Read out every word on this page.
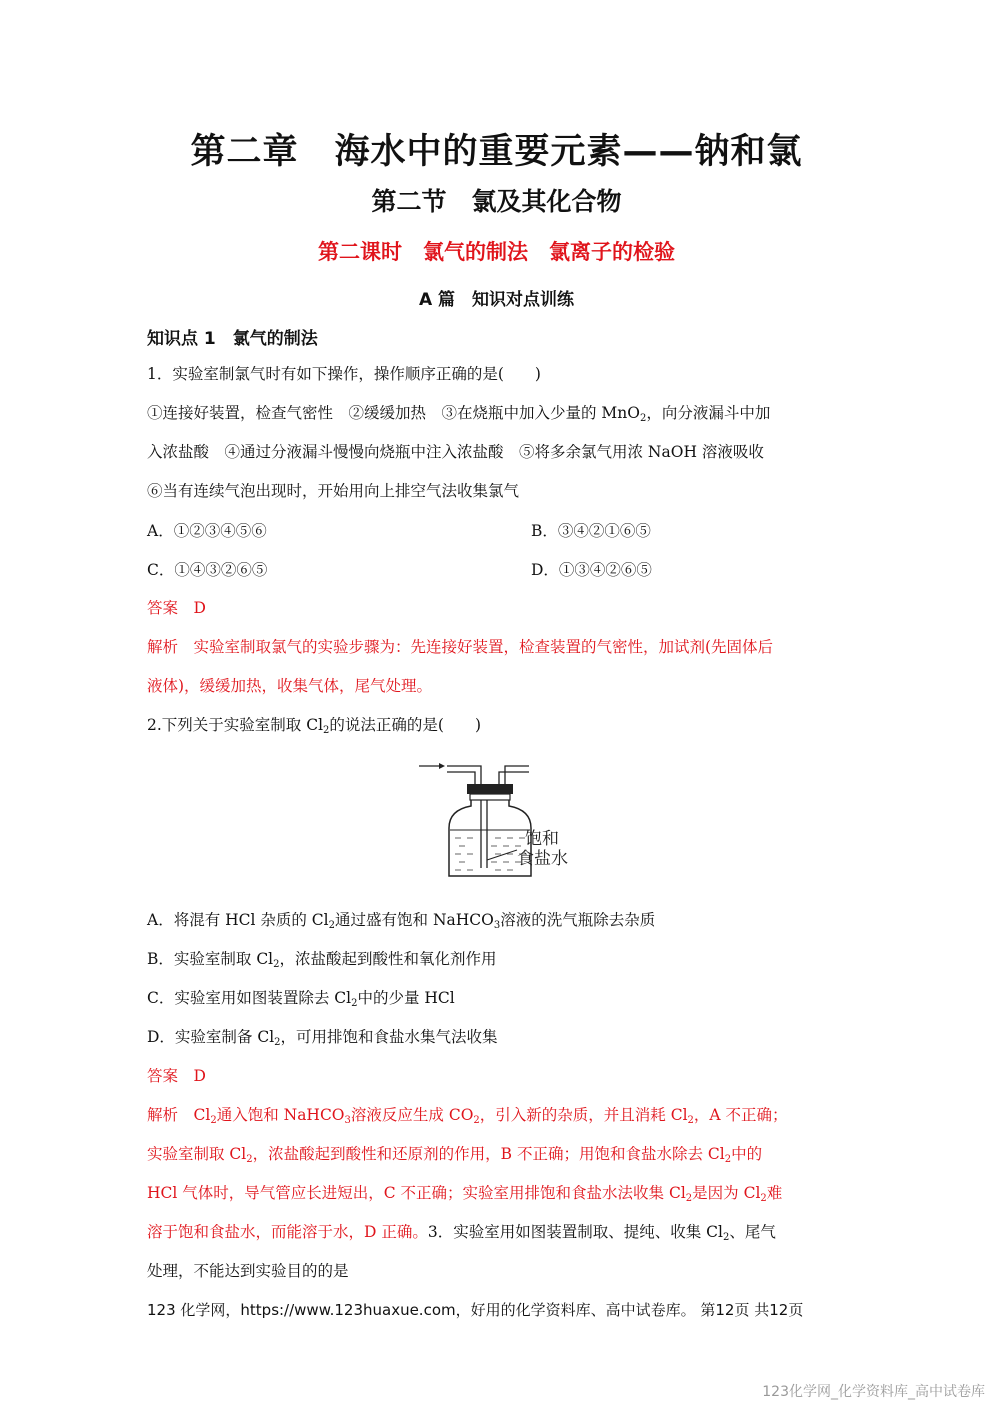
第二章　海水中的重要元素——钠和氯
第二节　氯及其化合物
第二课时　氯气的制法　氯离子的检验
A 篇　知识对点训练
知识点 1　氯气的制法
1．实验室制氯气时有如下操作，操作顺序正确的是(　　)
①连接好装置，检查气密性　②缓缓加热　③在烧瓶中加入少量的 MnO$_2$，向分液漏斗中加
入浓盐酸　④通过分液漏斗慢慢向烧瓶中注入浓盐酸　⑤将多余氯气用浓 NaOH 溶液吸收
⑥当有连续气泡出现时，开始用向上排空气法收集氯气
A．①②③④⑤⑥	B．③④②①⑥⑤
C．①④③②⑥⑤	D．①③④②⑥⑤
答案　D
解析　实验室制取氯气的实验步骤为：先连接好装置，检查装置的气密性，加试剂(先固体后
液体)，缓缓加热，收集气体，尾气处理。
2.下列关于实验室制取 $Cl_2$的说法正确的是(　　)
饱和
食盐水
A．将混有 HCl 杂质的 $Cl_2$通过盛有饱和 NaHCO$_3$溶液的洗气瓶除去杂质
B．实验室制取 $Cl_2$，浓盐酸起到酸性和氧化剂作用
C．实验室用如图装置除去 $Cl_2$中的少量 HCl
D．实验室制备 $Cl_2$，可用排饱和食盐水集气法收集
答案　D
解析　$Cl_2$通入饱和 NaHCO$_3$溶液反应生成 $CO_2$，引入新的杂质，并且消耗 $Cl_2$，A 不正确；
实验室制取 $Cl_2$，浓盐酸起到酸性和还原剂的作用，B 不正确；用饱和食盐水除去 $Cl_2$中的
HCl 气体时，导气管应长进短出，C 不正确；实验室用排饱和食盐水法收集 $Cl_2$是因为 $Cl_2$难
溶于饱和食盐水，而能溶于水，D 正确。3．实验室用如图装置制取、提纯、收集 $Cl_2$、尾气
处理，不能达到实验目的的是
123 化学网，https://www.123huaxue.com，好用的化学资料库、高中试卷库。 第12页 共12页
123化学网_化学资料库_高中试卷库
